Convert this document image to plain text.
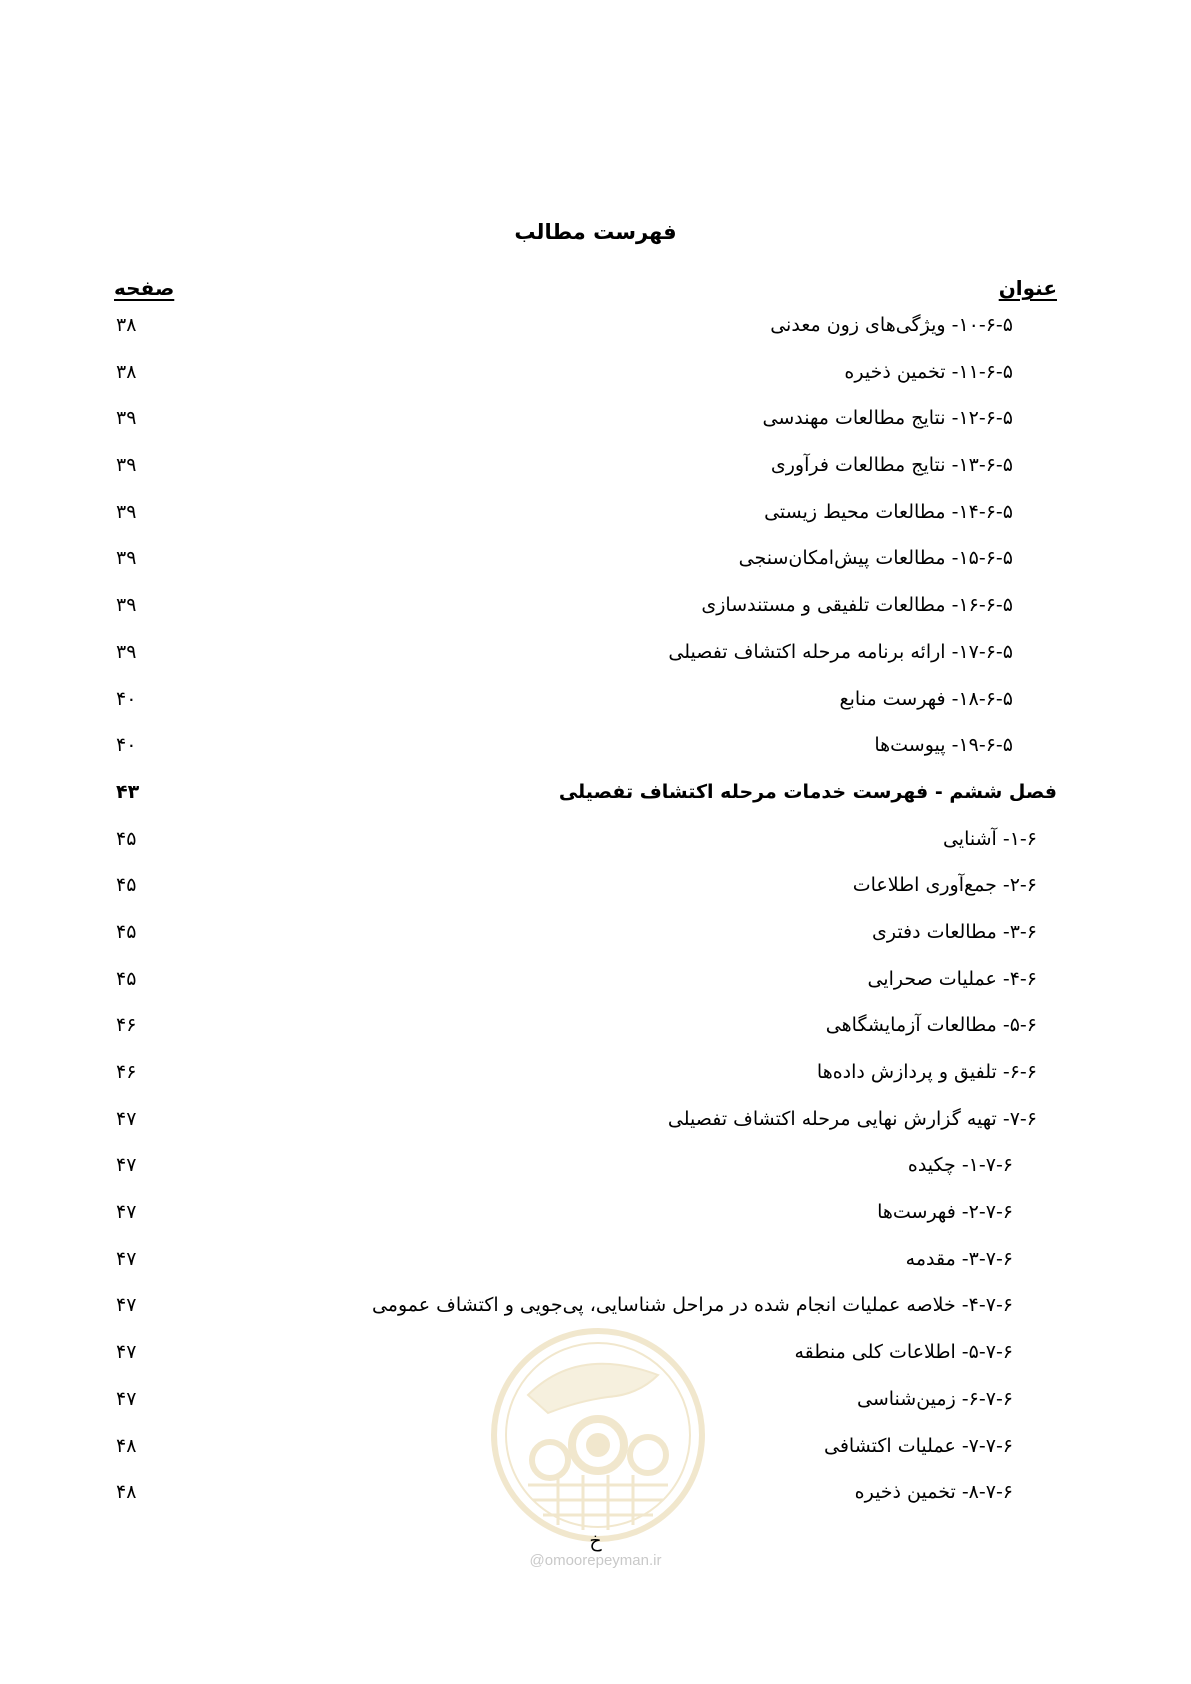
فهرست مطالب
عنوان
صفحه
۱۰-۶-۵- ویژگی‌های زون معدنی
۳۸
۱۱-۶-۵- تخمین ذخیره
۳۸
۱۲-۶-۵- نتایج مطالعات مهندسی
۳۹
۱۳-۶-۵- نتایج مطالعات فرآوری
۳۹
۱۴-۶-۵- مطالعات محیط زیستی
۳۹
۱۵-۶-۵- مطالعات پیش‌امکان‌سنجی
۳۹
۱۶-۶-۵- مطالعات تلفیقی و مستندسازی
۳۹
۱۷-۶-۵- ارائه برنامه مرحله اکتشاف تفصیلی
۳۹
۱۸-۶-۵- فهرست منابع
۴۰
۱۹-۶-۵- پیوست‌ها
۴۰
فصل ششم - فهرست خدمات مرحله اکتشاف تفصیلی
۴۳
۱-۶- آشنایی
۴۵
۲-۶- جمع‌آوری اطلاعات
۴۵
۳-۶- مطالعات دفتری
۴۵
۴-۶- عملیات صحرایی
۴۵
۵-۶- مطالعات آزمایشگاهی
۴۶
۶-۶- تلفیق و پردازش داده‌ها
۴۶
۷-۶- تهیه گزارش نهایی مرحله اکتشاف تفصیلی
۴۷
۱-۷-۶- چکیده
۴۷
۲-۷-۶- فهرست‌ها
۴۷
۳-۷-۶- مقدمه
۴۷
۴-۷-۶- خلاصه عملیات انجام شده در مراحل شناسایی، پی‌جویی و اکتشاف عمومی
۴۷
۵-۷-۶- اطلاعات کلی منطقه
۴۷
۶-۷-۶- زمین‌شناسی
۴۷
۷-۷-۶- عملیات اکتشافی
۴۸
۸-۷-۶- تخمین ذخیره
۴۸
خ
@omoorepeyman.ir
